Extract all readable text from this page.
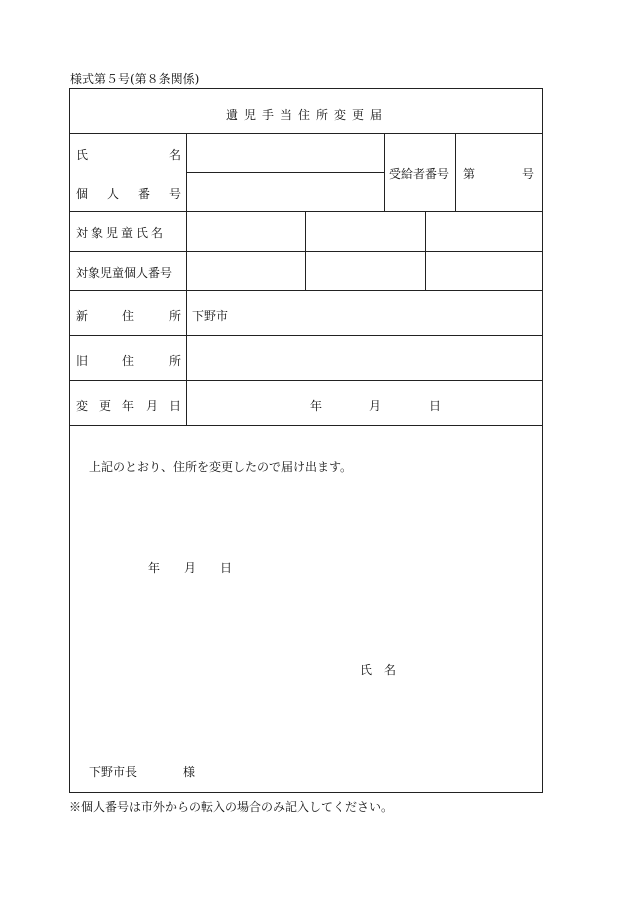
様式第５号(第８条関係)
遺児手当住所変更届
氏	名
個 人 番 号
受給者番号 第	号
対象児童氏名
対象児童個人番号
新	住	所 下野市
旧	住	所
変 更 年 月 日	年	月	日
上記のとおり、住所を変更したので届け出ます。
年 月 日
氏 名
下野市長	様
※個人番号は市外からの転入の場合のみ記入してください。
